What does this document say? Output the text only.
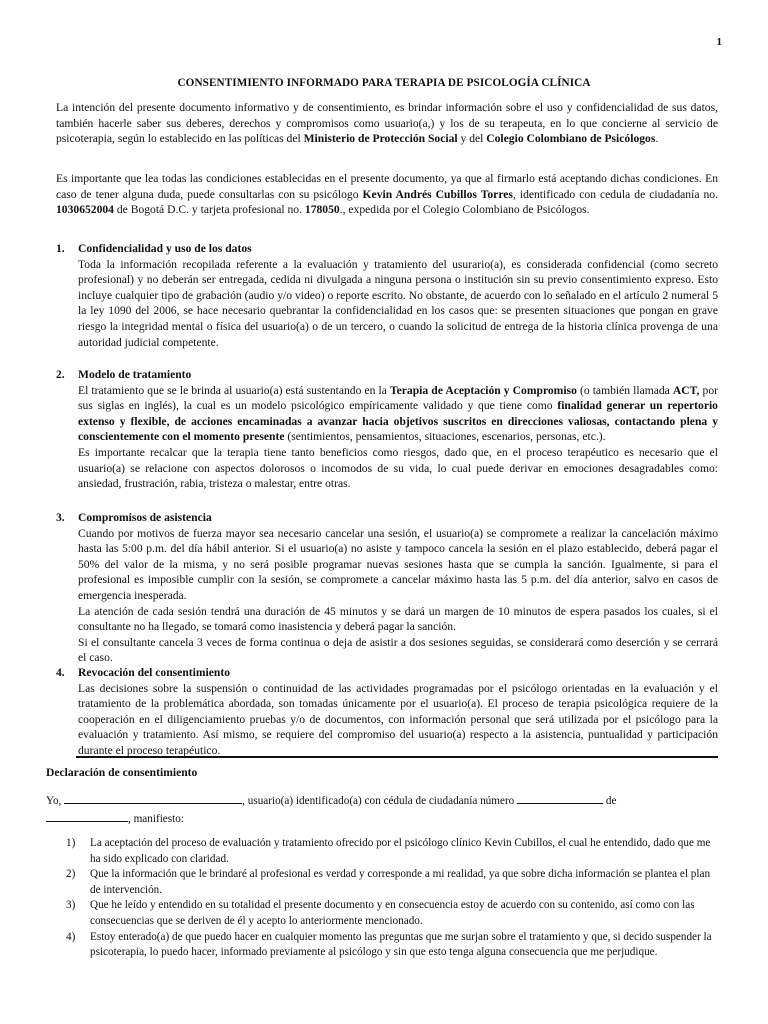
1
CONSENTIMIENTO INFORMADO PARA TERAPIA DE PSICOLOGÍA CLÍNICA

La intención del presente documento informativo y de consentimiento, es brindar información sobre el uso y confidencialidad de sus datos, también hacerle saber sus deberes, derechos y compromisos como usuario(a,) y los de su terapeuta, en lo que concierne al servicio de psicoterapia, según lo establecido en las políticas del Ministerio de Protección Social y del Colegio Colombiano de Psicólogos.

Es importante que lea todas las condiciones establecidas en el presente documento, ya que al firmarlo está aceptando dichas condiciones. En caso de tener alguna duda, puede consultarlas con su psicólogo Kevin Andrés Cubillos Torres, identificado con cedula de ciudadanía no. 1030652004 de Bogotá D.C. y tarjeta profesional no. 178050., expedida por el Colegio Colombiano de Psicólogos.

1.	Confidencialidad y uso de los datos

Toda la información recopilada referente a la evaluación y tratamiento del usurario(a), es considerada confidencial (como secreto profesional) y no deberán ser entregada, cedida ni divulgada a ninguna persona o institución sin su previo consentimiento expreso. Esto incluye cualquier tipo de grabación (audio y/o video) o reporte escrito. No obstante, de acuerdo con lo señalado en el artículo 2 numeral 5 la ley 1090 del 2006, se hace necesario quebrantar la confidencialidad en los casos que: se presenten situaciones que pongan en grave riesgo la integridad mental o física del usuario(a) o de un tercero, o cuando la solicitud de entrega de la historia clínica provenga de una autoridad judicial competente.

2.	Modelo de tratamiento

El tratamiento que se le brinda al usuario(a) está sustentando en la Terapia de Aceptación y Compromiso (o también llamada ACT, por sus siglas en inglés), la cual es un modelo psicológico empíricamente validado y que tiene como finalidad generar un repertorio extenso y flexible, de acciones encaminadas a avanzar hacia objetivos suscritos en direcciones valiosas, contactando plena y conscientemente con el momento presente (sentimientos, pensamientos, situaciones, escenarios, personas, etc.).

Es importante recalcar que la terapia tiene tanto beneficios como riesgos, dado que, en el proceso terapéutico es necesario que el usuario(a) se relacione con aspectos dolorosos o incomodos de su vida, lo cual puede derivar en emociones desagradables como: ansiedad, frustración, rabia, tristeza o malestar, entre otras.

3.	Compromisos de asistencia

Cuando por motivos de fuerza mayor sea necesario cancelar una sesión, el usuario(a) se compromete a realizar la cancelación máximo hasta las 5:00 p.m. del día hábil anterior. Si el usuario(a) no asiste y tampoco cancela la sesión en el plazo establecido, deberá pagar el 50% del valor de la misma, y no será posible programar nuevas sesiones hasta que se cumpla la sanción. Igualmente, si para el profesional es imposible cumplir con la sesión, se compromete a cancelar máximo hasta las 5 p.m. del día anterior, salvo en casos de emergencia inesperada.

La atención de cada sesión tendrá una duración de 45 minutos y se dará un margen de 10 minutos de espera pasados los cuales, si el consultante no ha llegado, se tomará como inasistencia y deberá pagar la sanción.

Si el consultante cancela 3 veces de forma continua o deja de asistir a dos sesiones seguidas, se considerará como deserción y se cerrará el caso.

4.	Revocación del consentimiento

Las decisiones sobre la suspensión o continuidad de las actividades programadas por el psicólogo orientadas en la evaluación y el tratamiento de la problemática abordada, son tomadas únicamente por el usuario(a). El proceso de terapia psicológica requiere de la cooperación en el diligenciamiento pruebas y/o de documentos, con información personal que será utilizada por el psicólogo para la evaluación y tratamiento. Así mismo, se requiere del compromiso del usuario(a) respecto a la asistencia, puntualidad y participación durante el proceso terapéutico.

Declaración de consentimiento
Yo,	, usuario(a) identificado(a) con cédula de ciudadanía número	de
, manifiesto:
1)	La aceptación del proceso de evaluación y tratamiento ofrecido por el psicólogo clínico Kevin Cubillos, el cual he entendido, dado que me ha sido explicado con claridad.
2)	Que la información que le brindaré al profesional es verdad y corresponde a mi realidad, ya que sobre dicha información se plantea el plan de intervención.
3)	Que he leído y entendido en su totalidad el presente documento y en consecuencia estoy de acuerdo con su contenido, así como con las consecuencias que se deriven de él y acepto lo anteriormente mencionado.
4)	Estoy enterado(a) de que puedo hacer en cualquier momento las preguntas que me surjan sobre el tratamiento y que, si decido suspender la psicoterapia, lo puedo hacer, informado previamente al psicólogo y sin que esto tenga alguna consecuencia que me perjudique.
